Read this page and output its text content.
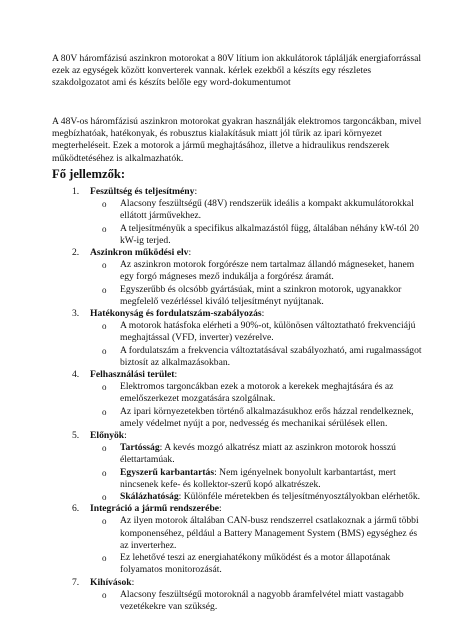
A 80V háromfázisú aszinkron motorokat a 80V lítium ion akkulátorok táplálják energiaforrással ezek az egységek között konverterek vannak. kérlek ezekből a készíts egy részletes szakdolgozatot ami és készíts belőle egy word-dokumentumot

A 48V-os háromfázisú aszinkron motorokat gyakran használják elektromos targoncákban, mivel megbízhatóak, hatékonyak, és robusztus kialakításuk miatt jól tűrik az ipari környezet megterheléseit. Ezek a motorok a jármű meghajtásához, illetve a hidraulikus rendszerek működtetéséhez is alkalmazhatók.

Fő jellemzők:
1. Feszültség és teljesítmény:
o Alacsony feszültségű (48V) rendszerük ideális a kompakt akkumulátorokkal ellátott járművekhez.
o A teljesítményük a specifikus alkalmazástól függ, általában néhány kW-tól 20 kW-ig terjed.
2. Aszinkron működési elv:
o Az aszinkron motorok forgórésze nem tartalmaz állandó mágneseket, hanem egy forgó mágneses mező indukálja a forgórész áramát.
o Egyszerűbb és olcsóbb gyártásúak, mint a szinkron motorok, ugyanakkor megfelelő vezérléssel kiváló teljesítményt nyújtanak.
3. Hatékonyság és fordulatszám-szabályozás:
o A motorok hatásfoka elérheti a 90%-ot, különösen változtatható frekvenciájú meghajtással (VFD, inverter) vezérelve.
o A fordulatszám a frekvencia változtatásával szabályozható, ami rugalmasságot biztosít az alkalmazásokban.
4. Felhasználási terület:
o Elektromos targoncákban ezek a motorok a kerekek meghajtására és az emelőszerkezet mozgatására szolgálnak.
o Az ipari környezetekben történő alkalmazásukhoz erős házzal rendelkeznek, amely védelmet nyújt a por, nedvesség és mechanikai sérülések ellen.
5. Előnyök:
o Tartósság: A kevés mozgó alkatrész miatt az aszinkron motorok hosszú élettartamúak.
o Egyszerű karbantartás: Nem igényelnek bonyolult karbantartást, mert nincsenek kefe- és kollektor-szerű kopó alkatrészek.
o Skálázhatóság: Különféle méretekben és teljesítményosztályokban elérhetők.
6. Integráció a jármű rendszerébe:
o Az ilyen motorok általában CAN-busz rendszerrel csatlakoznak a jármű többi komponenséhez, például a Battery Management System (BMS) egységhez és az inverterhez.
o Ez lehetővé teszi az energiahatékony működést és a motor állapotának folyamatos monitorozását.
7. Kihívások:
o Alacsony feszültségű motoroknál a nagyobb áramfelvétel miatt vastagabb vezetékekre van szükség.
